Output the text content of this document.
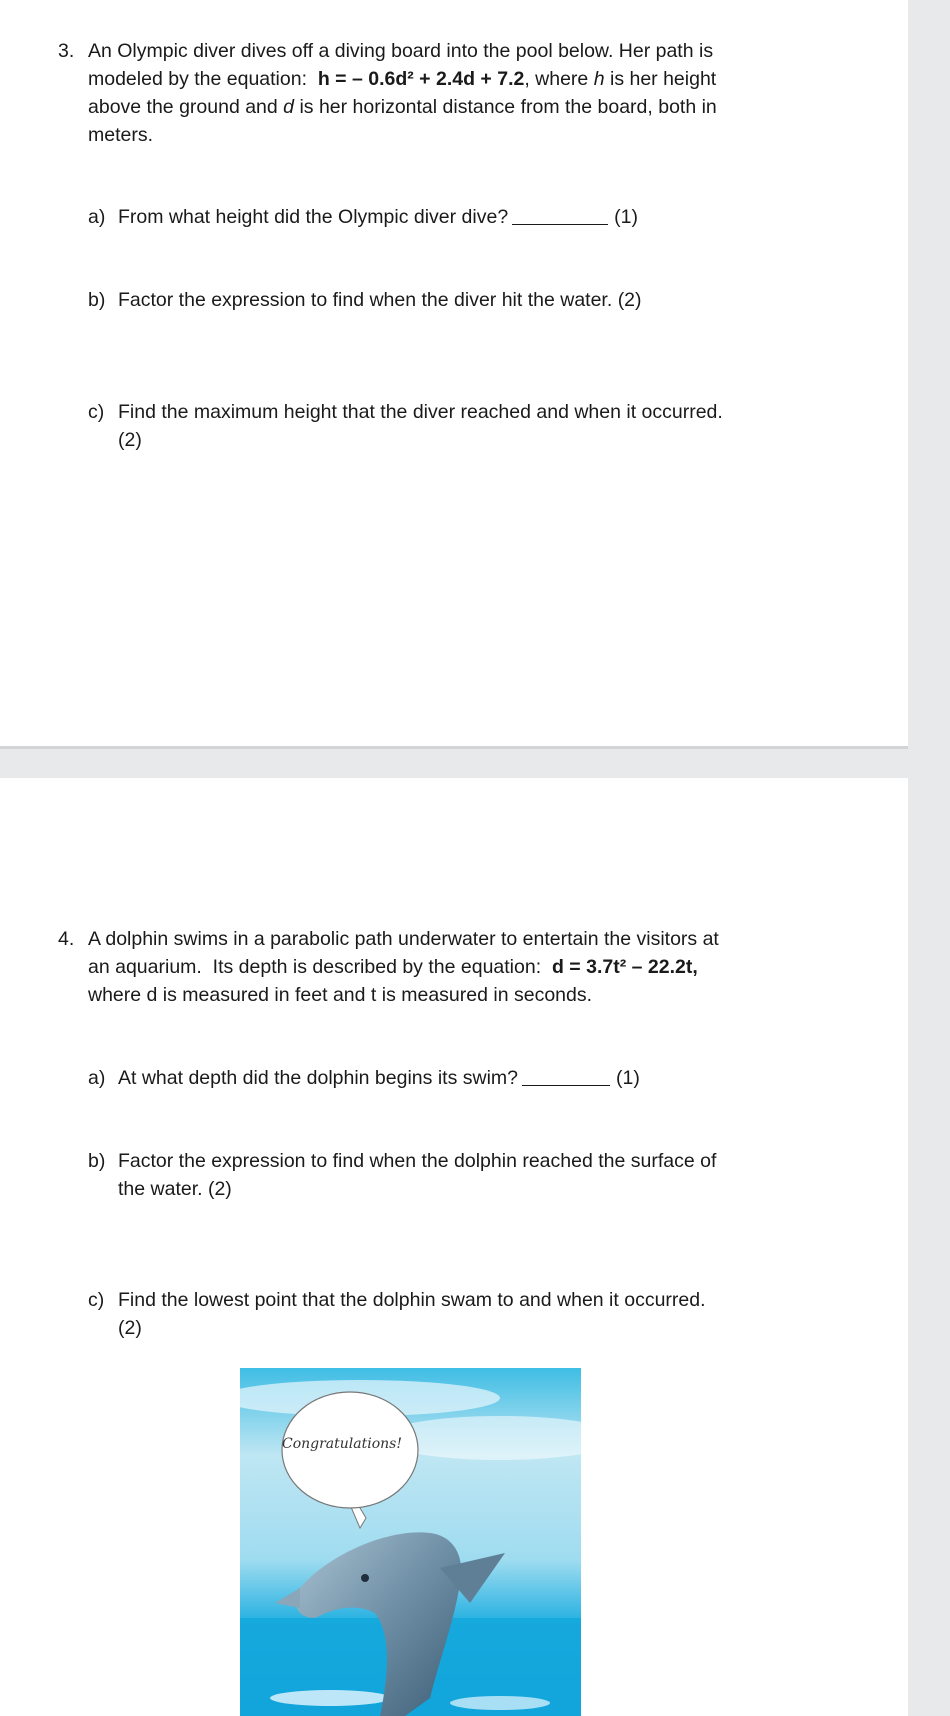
3. An Olympic diver dives off a diving board into the pool below. Her path is
modeled by the equation:  h = – 0.6d² + 2.4d + 7.2, where h is her height
above the ground and d is her horizontal distance from the board, both in
meters.
a) From what height did the Olympic diver dive?	(1)
b) Factor the expression to find when the diver hit the water. (2)
c) Find the maximum height that the diver reached and when it occurred.
(2)
4. A dolphin swims in a parabolic path underwater to entertain the visitors at
an aquarium.  Its depth is described by the equation:  d = 3.7t² – 22.2t,
where d is measured in feet and t is measured in seconds.
a) At what depth did the dolphin begins its swim?	(1)
b) Factor the expression to find when the dolphin reached the surface of
the water. (2)
c) Find the lowest point that the dolphin swam to and when it occurred.
(2)
Congratulations!
